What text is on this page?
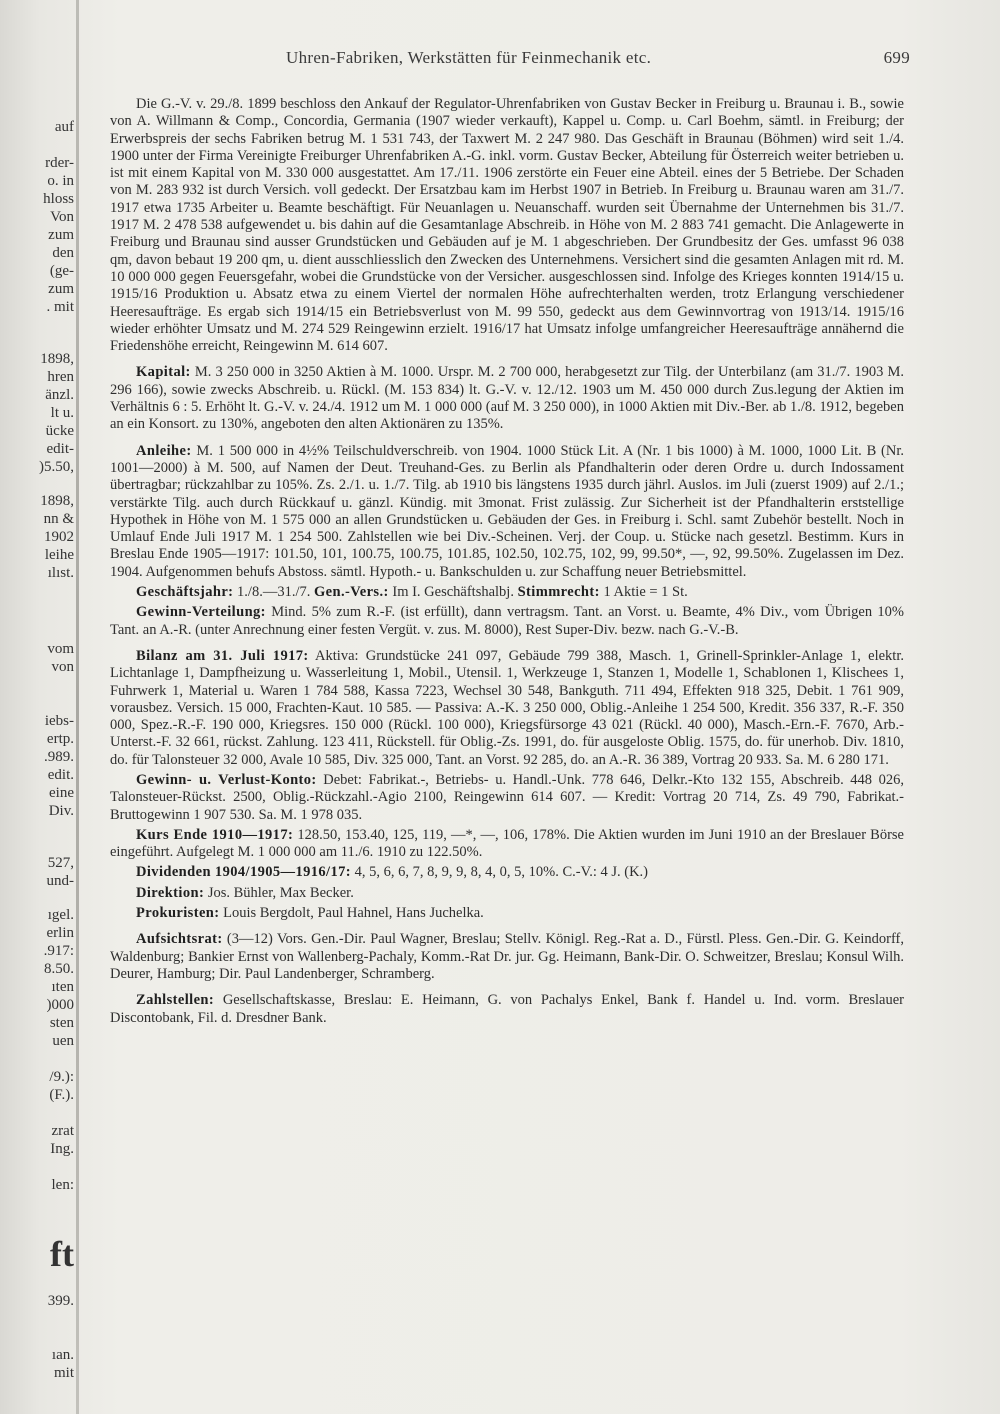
auf
rder-
o. in
hloss
Von
zum
den
(ge-
zum
. mit
1898,
hren
änzl.
lt u.
ücke
edit-
)5.50,
1898,
nn &
1902
leihe
ılıst.
vom
von
iebs-
ertp.
.989.
edit.
eine
Div.
527,
und-
ıgel.
erlin
.917:
8.50.
ıten
)000
sten
uen
/9.):
(F.).
zrat
Ing.
len:
ft
399.
ıan.
mit
Uhren-Fabriken, Werkstätten für Feinmechanik etc.	699

Die G.-V. v. 29./8. 1899 beschloss den Ankauf der Regulator-Uhrenfabriken von Gustav Becker in Freiburg u. Braunau i. B., sowie von A. Willmann & Comp., Concordia, Germania (1907 wieder verkauft), Kappel u. Comp. u. Carl Boehm, sämtl. in Freiburg; der Erwerbspreis der sechs Fabriken betrug M. 1 531 743, der Taxwert M. 2 247 980. Das Geschäft in Braunau (Böhmen) wird seit 1./4. 1900 unter der Firma Vereinigte Freiburger Uhrenfabriken A.-G. inkl. vorm. Gustav Becker, Abteilung für Österreich weiter betrieben u. ist mit einem Kapital von M. 330 000 ausgestattet. Am 17./11. 1906 zerstörte ein Feuer eine Abteil. eines der 5 Betriebe. Der Schaden von M. 283 932 ist durch Versich. voll gedeckt. Der Ersatzbau kam im Herbst 1907 in Betrieb. In Freiburg u. Braunau waren am 31./7. 1917 etwa 1735 Arbeiter u. Beamte beschäftigt. Für Neuanlagen u. Neuanschaff. wurden seit Übernahme der Unternehmen bis 31./7. 1917 M. 2 478 538 aufgewendet u. bis dahin auf die Gesamtanlage Abschreib. in Höhe von M. 2 883 741 gemacht. Die Anlagewerte in Freiburg und Braunau sind ausser Grundstücken und Gebäuden auf je M. 1 abgeschrieben. Der Grundbesitz der Ges. umfasst 96 038 qm, davon bebaut 19 200 qm, u. dient ausschliesslich den Zwecken des Unternehmens. Versichert sind die gesamten Anlagen mit rd. M. 10 000 000 gegen Feuersgefahr, wobei die Grundstücke von der Versicher. ausgeschlossen sind. Infolge des Krieges konnten 1914/15 u. 1915/16 Produktion u. Absatz etwa zu einem Viertel der normalen Höhe aufrechterhalten werden, trotz Erlangung verschiedener Heeresaufträge. Es ergab sich 1914/15 ein Betriebsverlust von M. 99 550, gedeckt aus dem Gewinnvortrag von 1913/14. 1915/16 wieder erhöhter Umsatz und M. 274 529 Reingewinn erzielt. 1916/17 hat Umsatz infolge umfangreicher Heeresaufträge annähernd die Friedenshöhe erreicht, Reingewinn M. 614 607.

Kapital: M. 3 250 000 in 3250 Aktien à M. 1000. Urspr. M. 2 700 000, herabgesetzt zur Tilg. der Unterbilanz (am 31./7. 1903 M. 296 166), sowie zwecks Abschreib. u. Rückl. (M. 153 834) lt. G.-V. v. 12./12. 1903 um M. 450 000 durch Zus.legung der Aktien im Verhältnis 6 : 5. Erhöht lt. G.-V. v. 24./4. 1912 um M. 1 000 000 (auf M. 3 250 000), in 1000 Aktien mit Div.-Ber. ab 1./8. 1912, begeben an ein Konsort. zu 130%, angeboten den alten Aktionären zu 135%.

Anleihe: M. 1 500 000 in 4½% Teilschuldverschreib. von 1904. 1000 Stück Lit. A (Nr. 1 bis 1000) à M. 1000, 1000 Lit. B (Nr. 1001—2000) à M. 500, auf Namen der Deut. Treuhand-Ges. zu Berlin als Pfandhalterin oder deren Ordre u. durch Indossament übertragbar; rückzahlbar zu 105%. Zs. 2./1. u. 1./7. Tilg. ab 1910 bis längstens 1935 durch jährl. Auslos. im Juli (zuerst 1909) auf 2./1.; verstärkte Tilg. auch durch Rückkauf u. gänzl. Kündig. mit 3monat. Frist zulässig. Zur Sicherheit ist der Pfandhalterin erststellige Hypothek in Höhe von M. 1 575 000 an allen Grundstücken u. Gebäuden der Ges. in Freiburg i. Schl. samt Zubehör bestellt. Noch in Umlauf Ende Juli 1917 M. 1 254 500. Zahlstellen wie bei Div.-Scheinen. Verj. der Coup. u. Stücke nach gesetzl. Bestimm. Kurs in Breslau Ende 1905—1917: 101.50, 101, 100.75, 100.75, 101.85, 102.50, 102.75, 102, 99, 99.50*, —, 92, 99.50%. Zugelassen im Dez. 1904. Aufgenommen behufs Abstoss. sämtl. Hypoth.- u. Bankschulden u. zur Schaffung neuer Betriebsmittel.

Geschäftsjahr: 1./8.—31./7. Gen.-Vers.: Im I. Geschäftshalbj. Stimmrecht: 1 Aktie = 1 St.

Gewinn-Verteilung: Mind. 5% zum R.-F. (ist erfüllt), dann vertragsm. Tant. an Vorst. u. Beamte, 4% Div., vom Übrigen 10% Tant. an A.-R. (unter Anrechnung einer festen Vergüt. v. zus. M. 8000), Rest Super-Div. bezw. nach G.-V.-B.

Bilanz am 31. Juli 1917: Aktiva: Grundstücke 241 097, Gebäude 799 388, Masch. 1, Grinell-Sprinkler-Anlage 1, elektr. Lichtanlage 1, Dampfheizung u. Wasserleitung 1, Mobil., Utensil. 1, Werkzeuge 1, Stanzen 1, Modelle 1, Schablonen 1, Klischees 1, Fuhrwerk 1, Material u. Waren 1 784 588, Kassa 7223, Wechsel 30 548, Bankguth. 711 494, Effekten 918 325, Debit. 1 761 909, vorausbez. Versich. 15 000, Frachten-Kaut. 10 585. — Passiva: A.-K. 3 250 000, Oblig.-Anleihe 1 254 500, Kredit. 356 337, R.-F. 350 000, Spez.-R.-F. 190 000, Kriegsres. 150 000 (Rückl. 100 000), Kriegsfürsorge 43 021 (Rückl. 40 000), Masch.-Ern.-F. 7670, Arb.-Unterst.-F. 32 661, rückst. Zahlung. 123 411, Rückstell. für Oblig.-Zs. 1991, do. für ausgeloste Oblig. 1575, do. für unerhob. Div. 1810, do. für Talonsteuer 32 000, Avale 10 585, Div. 325 000, Tant. an Vorst. 92 285, do. an A.-R. 36 389, Vortrag 20 933. Sa. M. 6 280 171.

Gewinn- u. Verlust-Konto: Debet: Fabrikat.-, Betriebs- u. Handl.-Unk. 778 646, Delkr.-Kto 132 155, Abschreib. 448 026, Talonsteuer-Rückst. 2500, Oblig.-Rückzahl.-Agio 2100, Reingewinn 614 607. — Kredit: Vortrag 20 714, Zs. 49 790, Fabrikat.-Bruttogewinn 1 907 530. Sa. M. 1 978 035.

Kurs Ende 1910—1917: 128.50, 153.40, 125, 119, —*, —, 106, 178%. Die Aktien wurden im Juni 1910 an der Breslauer Börse eingeführt. Aufgelegt M. 1 000 000 am 11./6. 1910 zu 122.50%.

Dividenden 1904/1905—1916/17: 4, 5, 6, 6, 7, 8, 9, 9, 8, 4, 0, 5, 10%. C.-V.: 4 J. (K.)

Direktion: Jos. Bühler, Max Becker.

Prokuristen: Louis Bergdolt, Paul Hahnel, Hans Juchelka.

Aufsichtsrat: (3—12) Vors. Gen.-Dir. Paul Wagner, Breslau; Stellv. Königl. Reg.-Rat a. D., Fürstl. Pless. Gen.-Dir. G. Keindorff, Waldenburg; Bankier Ernst von Wallenberg-Pachaly, Komm.-Rat Dr. jur. Gg. Heimann, Bank-Dir. O. Schweitzer, Breslau; Konsul Wilh. Deurer, Hamburg; Dir. Paul Landenberger, Schramberg.

Zahlstellen: Gesellschaftskasse, Breslau: E. Heimann, G. von Pachalys Enkel, Bank f. Handel u. Ind. vorm. Breslauer Discontobank, Fil. d. Dresdner Bank.
